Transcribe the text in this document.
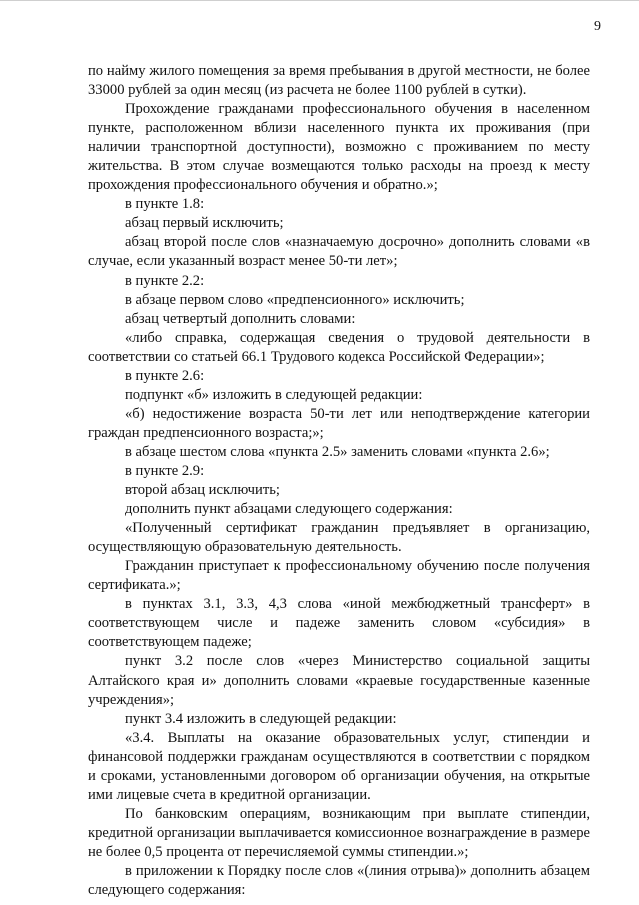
9

по найму жилого помещения за время пребывания в другой местности, не более 33000 рублей за один месяц (из расчета не более 1100 рублей в сутки).

Прохождение гражданами профессионального обучения в населенном пункте, расположенном вблизи населенного пункта их проживания (при наличии транспортной доступности), возможно с проживанием по месту жительства. В этом случае возмещаются только расходы на проезд к месту прохождения профессионального обучения и обратно.»;

в пункте 1.8:

абзац первый исключить;

абзац второй после слов «назначаемую досрочно» дополнить словами «в случае, если указанный возраст менее 50-ти лет»;

в пункте 2.2:

в абзаце первом слово «предпенсионного» исключить;

абзац четвертый дополнить словами:

«либо справка, содержащая сведения о трудовой деятельности в соответствии со статьей 66.1 Трудового кодекса Российской Федерации»;

в пункте 2.6:

подпункт «б» изложить в следующей редакции:

«б) недостижение возраста 50-ти лет или неподтверждение категории граждан предпенсионного возраста;»;

в абзаце шестом слова «пункта 2.5» заменить словами «пункта 2.6»;

в пункте 2.9:

второй абзац исключить;

дополнить пункт абзацами следующего содержания:

«Полученный сертификат гражданин предъявляет в организацию, осуществляющую образовательную деятельность.

Гражданин приступает к профессиональному обучению после получения сертификата.»;

в пунктах 3.1, 3.3, 4,3 слова «иной межбюджетный трансферт» в соответствующем числе и падеже заменить словом «субсидия» в соответствующем падеже;

пункт 3.2 после слов «через Министерство социальной защиты Алтайского края и» дополнить словами «краевые государственные казенные учреждения»;

пункт 3.4 изложить в следующей редакции:

«3.4. Выплаты на оказание образовательных услуг, стипендии и финансовой поддержки гражданам осуществляются в соответствии с порядком и сроками, установленными договором об организации обучения, на открытые ими лицевые счета в кредитной организации.

По банковским операциям, возникающим при выплате стипендии, кредитной организации выплачивается комиссионное вознаграждение в размере не более 0,5 процента от перечисляемой суммы стипендии.»;

в приложении к Порядку после слов «(линия отрыва)» дополнить абзацем следующего содержания:
